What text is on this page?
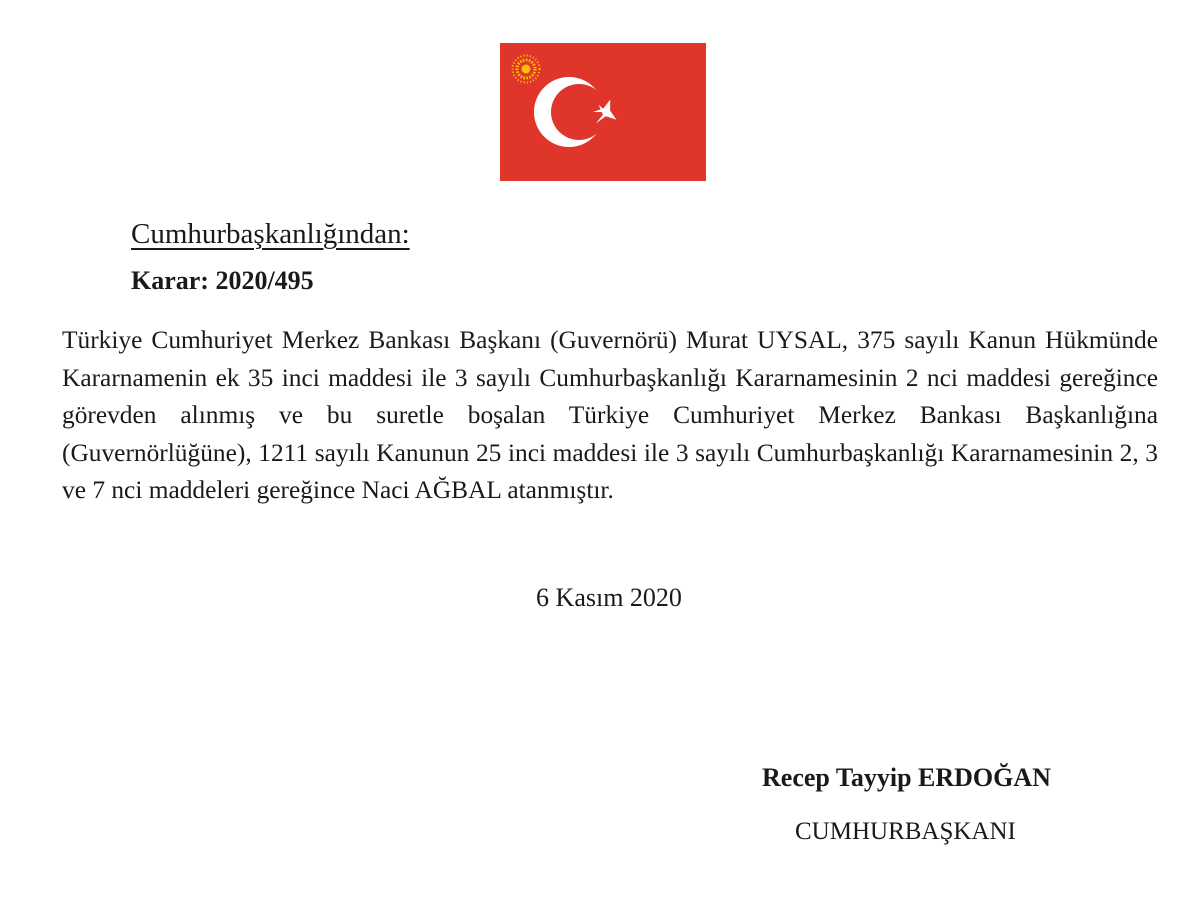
Cumhurbaşkanlığından:
Karar: 2020/495

Türkiye Cumhuriyet Merkez Bankası Başkanı (Guvernörü) Murat UYSAL, 375 sayılı Kanun Hükmünde Kararnamenin ek 35 inci maddesi ile 3 sayılı Cumhurbaşkanlığı Kararnamesinin 2 nci maddesi gereğince görevden alınmış ve bu suretle boşalan Türkiye Cumhuriyet Merkez Bankası Başkanlığına (Guvernörlüğüne), 1211 sayılı Kanunun 25 inci maddesi ile 3 sayılı Cumhurbaşkanlığı Kararnamesinin 2, 3 ve 7 nci maddeleri gereğince Naci AĞBAL atanmıştır.

6 Kasım 2020
Recep Tayyip ERDOĞAN
CUMHURBAŞKANI
